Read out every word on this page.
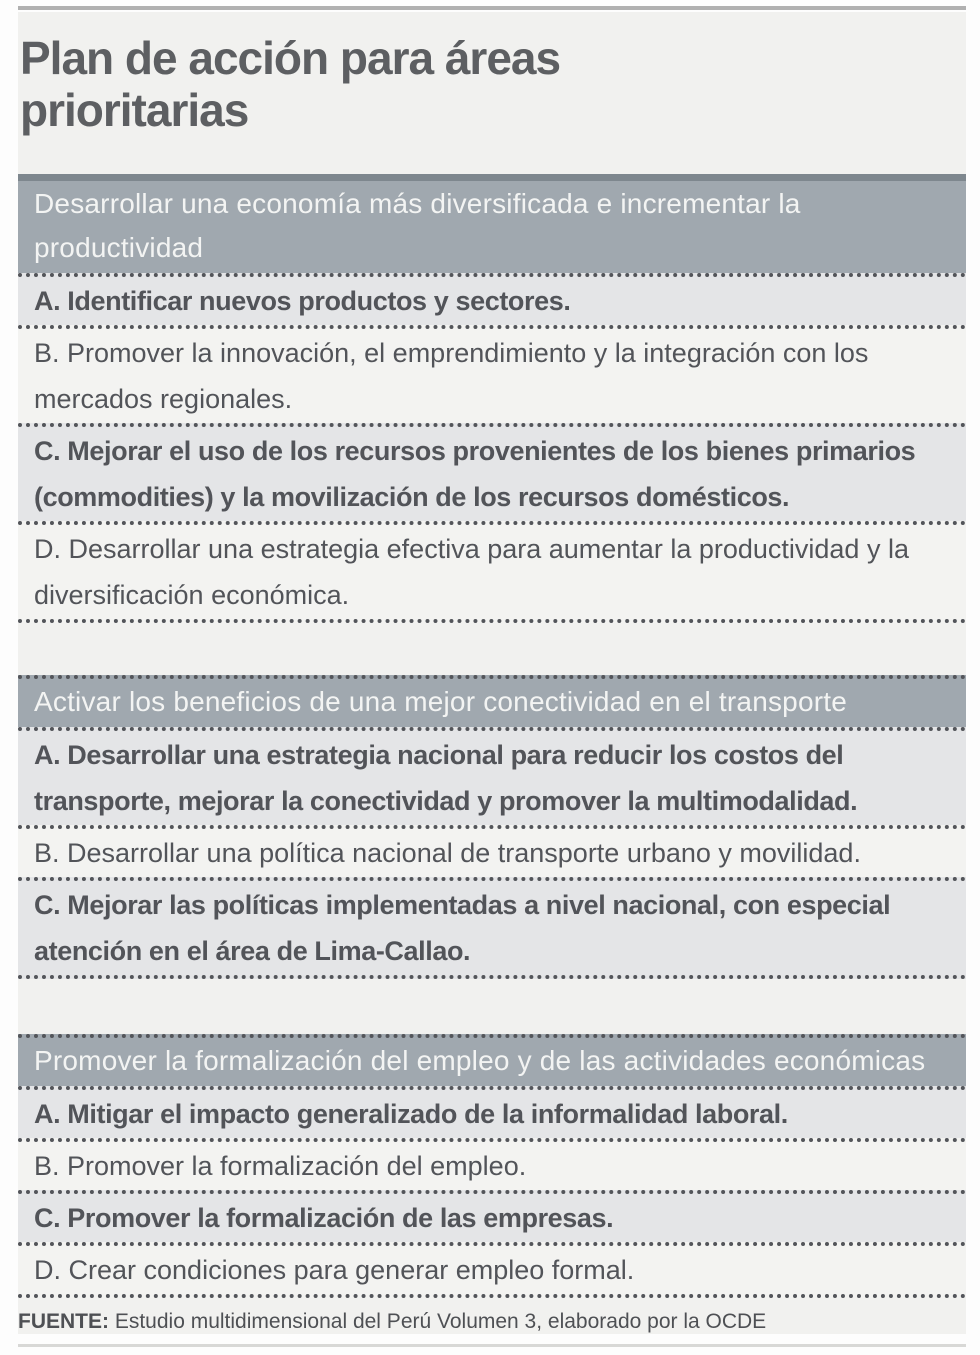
Plan de acción para áreas prioritarias
Desarrollar una economía más diversificada e incrementar la productividad
A. Identificar nuevos productos y sectores.
B. Promover la innovación, el emprendimiento y la integración con los mercados regionales.
C. Mejorar el uso de los recursos provenientes de los bienes primarios (commodities) y la movilización de los recursos domésticos.
D. Desarrollar una estrategia efectiva para aumentar la productividad y la diversificación económica.
Activar los beneficios de una mejor conectividad en el transporte
A. Desarrollar una estrategia nacional para reducir los costos del transporte, mejorar la conectividad y promover la multimodalidad.
B. Desarrollar una política nacional de transporte urbano y movilidad.
C. Mejorar las políticas implementadas a nivel nacional, con especial atención en el área de Lima-Callao.
Promover la formalización del empleo y de las actividades económicas
A. Mitigar el impacto generalizado de la informalidad laboral.
B. Promover la formalización del empleo.
C. Promover la formalización de las empresas.
D. Crear condiciones para generar empleo formal.
FUENTE: Estudio multidimensional del Perú Volumen 3, elaborado por la OCDE
